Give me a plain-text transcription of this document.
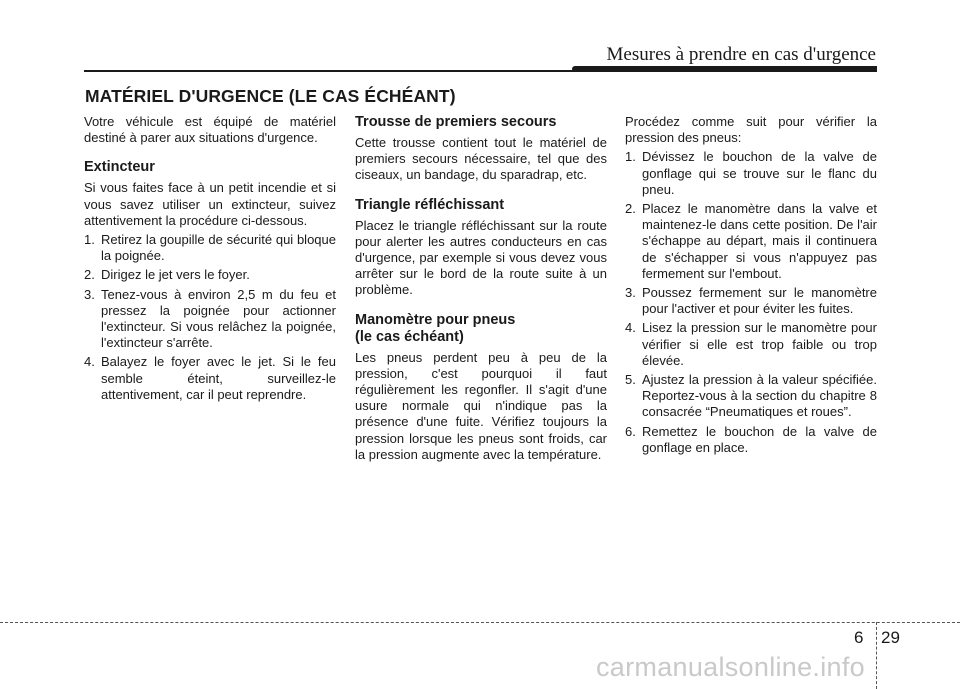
Mesures à prendre en cas d'urgence
MATÉRIEL D'URGENCE (LE CAS ÉCHÉANT)

Votre véhicule est équipé de matériel destiné à parer aux situations d'urgence.

Extincteur

Si vous faites face à un petit incendie et si vous savez utiliser un extincteur, suivez attentivement la procédure ci-dessous.

1. Retirez la goupille de sécurité qui bloque la poignée.
2. Dirigez le jet vers le foyer.
3. Tenez-vous à environ 2,5 m du feu et pressez la poignée pour actionner l'extincteur. Si vous relâchez la poignée, l'extincteur s'arrête.
4. Balayez le foyer avec le jet. Si le feu semble éteint, surveillez-le attentivement, car il peut reprendre.
Trousse de premiers secours

Cette trousse contient tout le matériel de premiers secours nécessaire, tel que des ciseaux, un bandage, du sparadrap, etc.

Triangle réfléchissant

Placez le triangle réfléchissant sur la route pour alerter les autres conducteurs en cas d'urgence, par exemple si vous devez vous arrêter sur le bord de la route suite à un problème.

Manomètre pour pneus
(le cas échéant)

Les pneus perdent peu à peu de la pression, c'est pourquoi il faut régulièrement les regonfler. Il s'agit d'une usure normale qui n'indique pas la présence d'une fuite. Vérifiez toujours la pression lorsque les pneus sont froids, car la pression augmente avec la température.

Procédez comme suit pour vérifier la pression des pneus:

1. Dévissez le bouchon de la valve de gonflage qui se trouve sur le flanc du pneu.
2. Placez le manomètre dans la valve et maintenez-le dans cette position. De l'air s'échappe au départ, mais il continuera de s'échapper si vous n'appuyez pas fermement sur l'embout.
3. Poussez fermement sur le manomètre pour l'activer et pour éviter les fuites.
4. Lisez la pression sur le manomètre pour vérifier si elle est trop faible ou trop élevée.
5. Ajustez la pression à la valeur spécifiée. Reportez-vous à la section du chapitre 8 consacrée “Pneumatiques et roues”.
6. Remettez le bouchon de la valve de gonflage en place.
6 29
carmanualsonline.info
